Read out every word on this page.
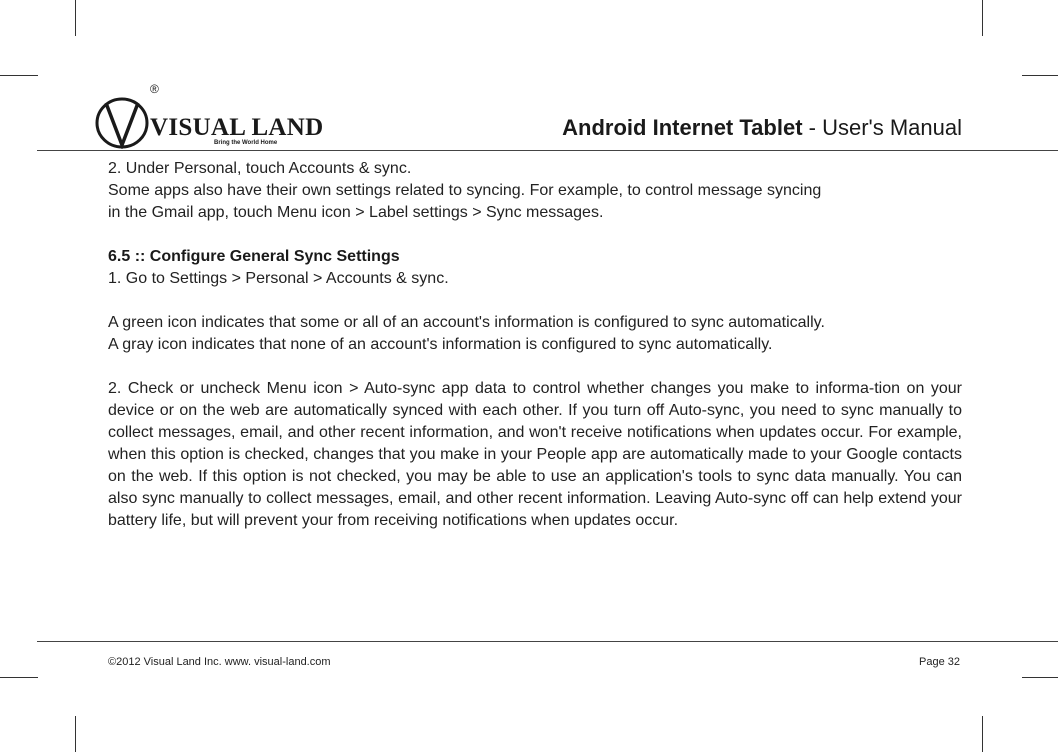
®
VISUAL LAND
Bring the World Home
Android Internet Tablet - User's Manual

2. Under Personal, touch Accounts & sync.

Some apps also have their own settings related to syncing. For example, to control message syncing

in the Gmail app, touch Menu icon > Label settings > Sync messages.

6.5 :: Configure General Sync Settings

1. Go to Settings > Personal > Accounts & sync.

A green icon indicates that some or all of an account's information is configured to sync automatically.

A gray icon indicates that none of an account's information is configured to sync automatically.

2. Check or uncheck Menu icon > Auto-sync app data to control whether changes you make to informa-tion on your device or on the web are automatically synced with each other. If you turn off Auto-sync, you need to sync manually to collect messages, email, and other recent information, and won't receive notifications when updates occur. For example, when this option is checked, changes that you make in your People app are automatically made to your Google contacts on the web. If this option is not checked, you may be able to use an application's tools to sync data manually. You can also sync manually to collect messages, email, and other recent information. Leaving Auto-sync off can help extend your battery life, but will prevent your from receiving notifications when updates occur.

©2012 Visual Land Inc. www. visual-land.com	Page 32
